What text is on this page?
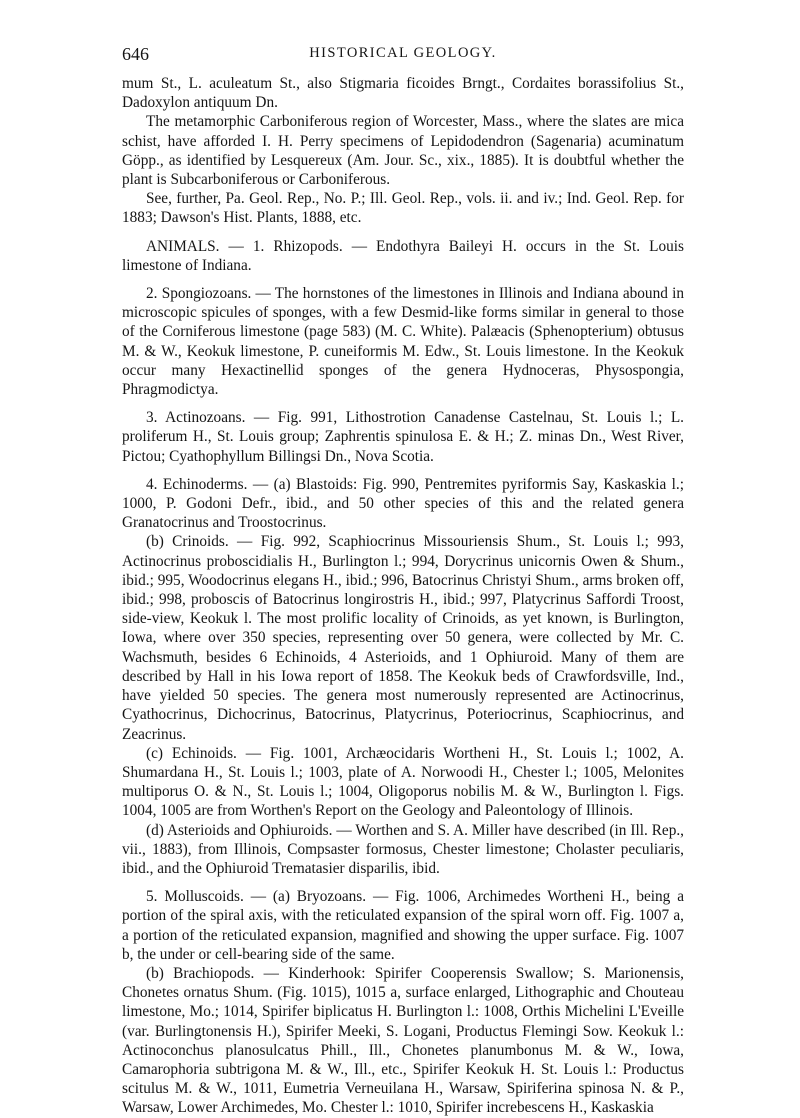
646	HISTORICAL GEOLOGY.

mum St., L. aculeatum St., also Stigmaria ficoides Brngt., Cordaites borassifolius St., Dadoxylon antiquum Dn.

The metamorphic Carboniferous region of Worcester, Mass., where the slates are mica schist, have afforded I. H. Perry specimens of Lepidodendron (Sagenaria) acuminatum Göpp., as identified by Lesquereux (Am. Jour. Sc., xix., 1885). It is doubtful whether the plant is Subcarboniferous or Carboniferous.

See, further, Pa. Geol. Rep., No. P.; Ill. Geol. Rep., vols. ii. and iv.; Ind. Geol. Rep. for 1883; Dawson's Hist. Plants, 1888, etc.

ANIMALS. — 1. Rhizopods. — Endothyra Baileyi H. occurs in the St. Louis limestone of Indiana.

2. Spongiozoans. — The hornstones of the limestones in Illinois and Indiana abound in microscopic spicules of sponges, with a few Desmid-like forms similar in general to those of the Corniferous limestone (page 583) (M. C. White). Palæacis (Sphenopterium) obtusus M. & W., Keokuk limestone, P. cuneiformis M. Edw., St. Louis limestone. In the Keokuk occur many Hexactinellid sponges of the genera Hydnoceras, Physospongia, Phragmodictya.

3. Actinozoans. — Fig. 991, Lithostrotion Canadense Castelnau, St. Louis l.; L. proliferum H., St. Louis group; Zaphrentis spinulosa E. & H.; Z. minas Dn., West River, Pictou; Cyathophyllum Billingsi Dn., Nova Scotia.

4. Echinoderms. — (a) Blastoids: Fig. 990, Pentremites pyriformis Say, Kaskaskia l.; 1000, P. Godoni Defr., ibid., and 50 other species of this and the related genera Granatocrinus and Troostocrinus.

(b) Crinoids. — Fig. 992, Scaphiocrinus Missouriensis Shum., St. Louis l.; 993, Actinocrinus proboscidialis H., Burlington l.; 994, Dorycrinus unicornis Owen & Shum., ibid.; 995, Woodocrinus elegans H., ibid.; 996, Batocrinus Christyi Shum., arms broken off, ibid.; 998, proboscis of Batocrinus longirostris H., ibid.; 997, Platycrinus Saffordi Troost, side-view, Keokuk l. The most prolific locality of Crinoids, as yet known, is Burlington, Iowa, where over 350 species, representing over 50 genera, were collected by Mr. C. Wachsmuth, besides 6 Echinoids, 4 Asterioids, and 1 Ophiuroid. Many of them are described by Hall in his Iowa report of 1858. The Keokuk beds of Crawfordsville, Ind., have yielded 50 species. The genera most numerously represented are Actinocrinus, Cyathocrinus, Dichocrinus, Batocrinus, Platycrinus, Poteriocrinus, Scaphiocrinus, and Zeacrinus.

(c) Echinoids. — Fig. 1001, Archæocidaris Wortheni H., St. Louis l.; 1002, A. Shumardana H., St. Louis l.; 1003, plate of A. Norwoodi H., Chester l.; 1005, Melonites multiporus O. & N., St. Louis l.; 1004, Oligoporus nobilis M. & W., Burlington l. Figs. 1004, 1005 are from Worthen's Report on the Geology and Paleontology of Illinois.

(d) Asterioids and Ophiuroids. — Worthen and S. A. Miller have described (in Ill. Rep., vii., 1883), from Illinois, Compsaster formosus, Chester limestone; Cholaster peculiaris, ibid., and the Ophiuroid Trematasier disparilis, ibid.

5. Molluscoids. — (a) Bryozoans. — Fig. 1006, Archimedes Wortheni H., being a portion of the spiral axis, with the reticulated expansion of the spiral worn off. Fig. 1007 a, a portion of the reticulated expansion, magnified and showing the upper surface. Fig. 1007 b, the under or cell-bearing side of the same.

(b) Brachiopods. — Kinderhook: Spirifer Cooperensis Swallow; S. Marionensis, Chonetes ornatus Shum. (Fig. 1015), 1015 a, surface enlarged, Lithographic and Chouteau limestone, Mo.; 1014, Spirifer biplicatus H. Burlington l.: 1008, Orthis Michelini L'Eveille (var. Burlingtonensis H.), Spirifer Meeki, S. Logani, Productus Flemingi Sow. Keokuk l.: Actinoconchus planosulcatus Phill., Ill., Chonetes planumbonus M. & W., Iowa, Camarophoria subtrigona M. & W., Ill., etc., Spirifer Keokuk H. St. Louis l.: Productus scitulus M. & W., 1011, Eumetria Verneuilana H., Warsaw, Spiriferina spinosa N. & P., Warsaw, Lower Archimedes, Mo. Chester l.: 1010, Spirifer increbescens H., Kaskaskia
